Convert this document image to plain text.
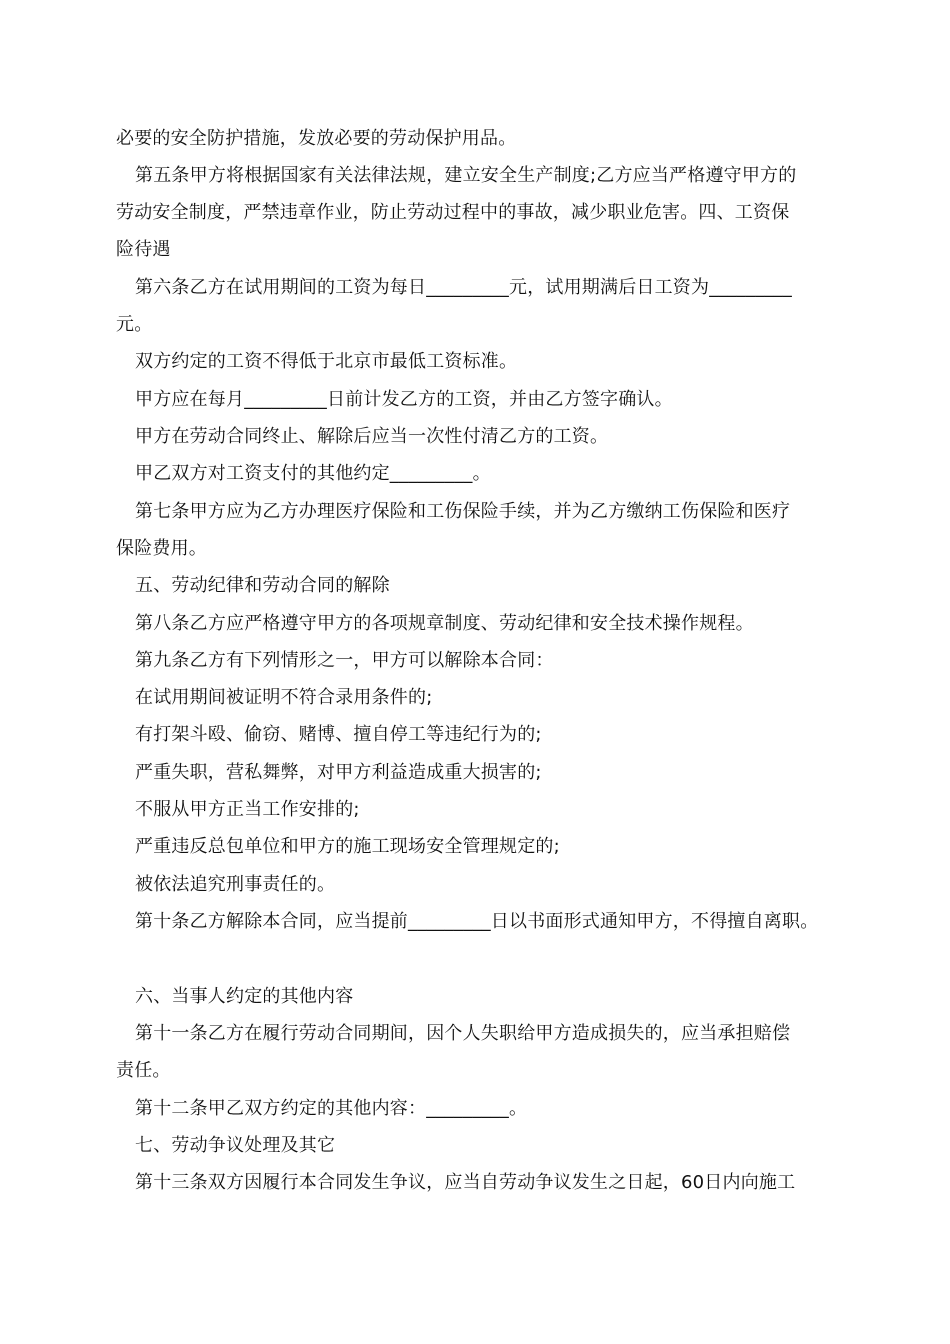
必要的安全防护措施，发放必要的劳动保护用品。
第五条甲方将根据国家有关法律法规，建立安全生产制度;乙方应当严格遵守甲方的
劳动安全制度，严禁违章作业，防止劳动过程中的事故，减少职业危害。四、工资保
险待遇
第六条乙方在试用期间的工资为每日_________元，试用期满后日工资为_________
元。
双方约定的工资不得低于北京市最低工资标准。
甲方应在每月_________日前计发乙方的工资，并由乙方签字确认。
甲方在劳动合同终止、解除后应当一次性付清乙方的工资。
甲乙双方对工资支付的其他约定_________。
第七条甲方应为乙方办理医疗保险和工伤保险手续，并为乙方缴纳工伤保险和医疗
保险费用。
五、劳动纪律和劳动合同的解除
第八条乙方应严格遵守甲方的各项规章制度、劳动纪律和安全技术操作规程。
第九条乙方有下列情形之一，甲方可以解除本合同：
在试用期间被证明不符合录用条件的;
有打架斗殴、偷窃、赌博、擅自停工等违纪行为的;
严重失职，营私舞弊，对甲方利益造成重大损害的;
不服从甲方正当工作安排的;
严重违反总包单位和甲方的施工现场安全管理规定的;
被依法追究刑事责任的。
第十条乙方解除本合同，应当提前_________日以书面形式通知甲方，不得擅自离职。
六、当事人约定的其他内容
第十一条乙方在履行劳动合同期间，因个人失职给甲方造成损失的，应当承担赔偿
责任。
第十二条甲乙双方约定的其他内容：_________。
七、劳动争议处理及其它
第十三条双方因履行本合同发生争议，应当自劳动争议发生之日起，60日内向施工
